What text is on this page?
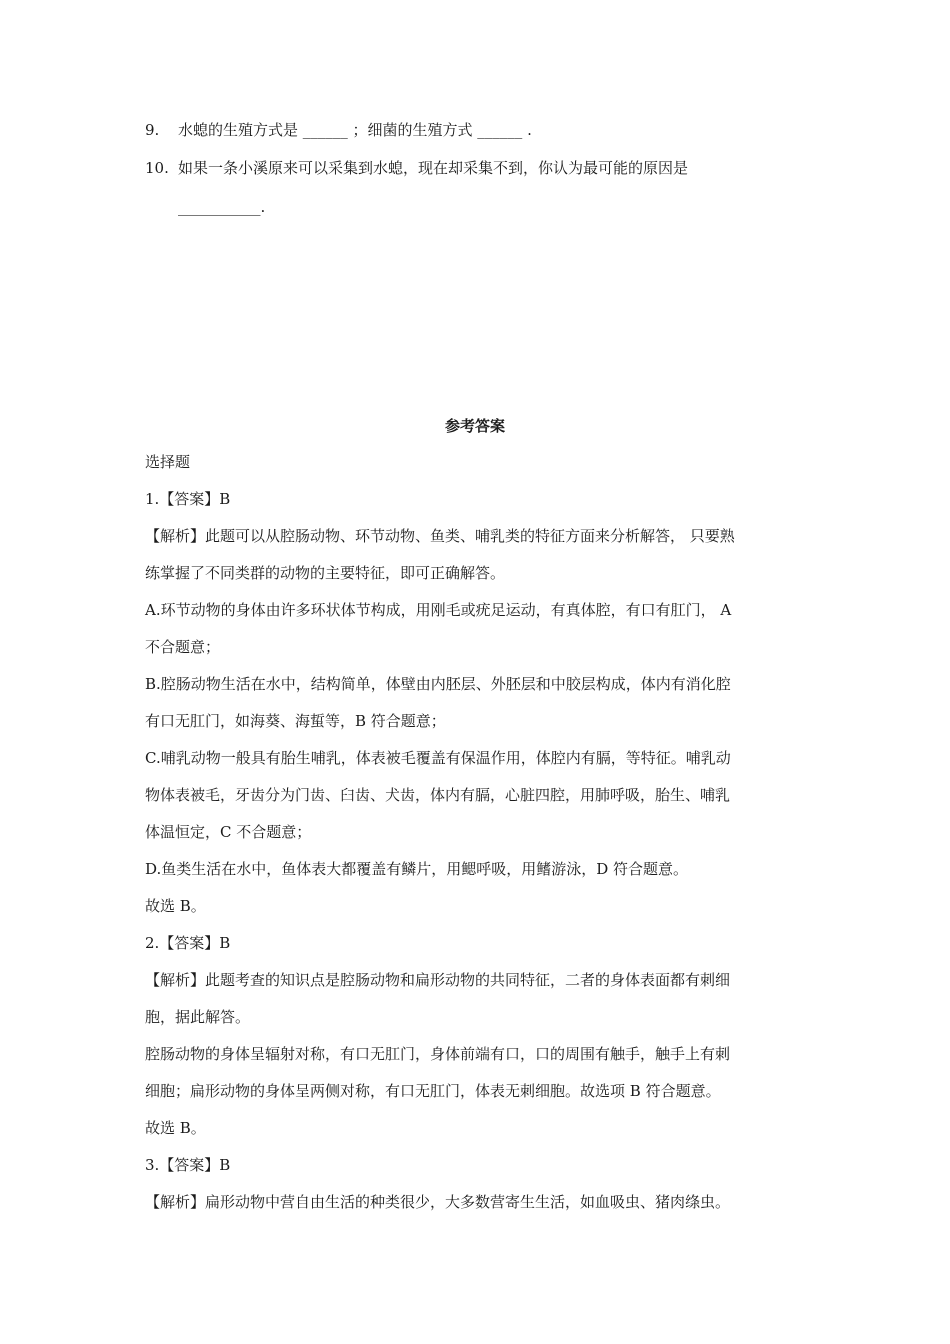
9. 水螅的生殖方式是 ______ ；细菌的生殖方式 ______ .
10. 如果一条小溪原来可以采集到水螅，现在却采集不到，你认为最可能的原因是
___________.
参考答案
选择题
1.【答案】B
【解析】此题可以从腔肠动物、环节动物、鱼类、哺乳类的特征方面来分析解答， 只要熟
练掌握了不同类群的动物的主要特征，即可正确解答。
A.环节动物的身体由许多环状体节构成，用刚毛或疣足运动，有真体腔，有口有肛门， A
不合题意；
B.腔肠动物生活在水中，结构简单，体壁由内胚层、外胚层和中胶层构成，体内有消化腔
有口无肛门，如海葵、海蜇等，B 符合题意；
C.哺乳动物一般具有胎生哺乳，体表被毛覆盖有保温作用，体腔内有膈，等特征。哺乳动
物体表被毛，牙齿分为门齿、臼齿、犬齿，体内有膈，心脏四腔，用肺呼吸，胎生、哺乳
体温恒定，C 不合题意；
D.鱼类生活在水中，鱼体表大都覆盖有鳞片，用鳃呼吸，用鳍游泳，D 符合题意。
故选 B。
2.【答案】B
【解析】此题考查的知识点是腔肠动物和扁形动物的共同特征，二者的身体表面都有刺细
胞，据此解答。
腔肠动物的身体呈辐射对称，有口无肛门，身体前端有口，口的周围有触手，触手上有刺
细胞；扁形动物的身体呈两侧对称，有口无肛门，体表无刺细胞。故选项 B 符合题意。
故选 B。
3.【答案】B
【解析】扁形动物中营自由生活的种类很少，大多数营寄生生活，如血吸虫、猪肉绦虫。
